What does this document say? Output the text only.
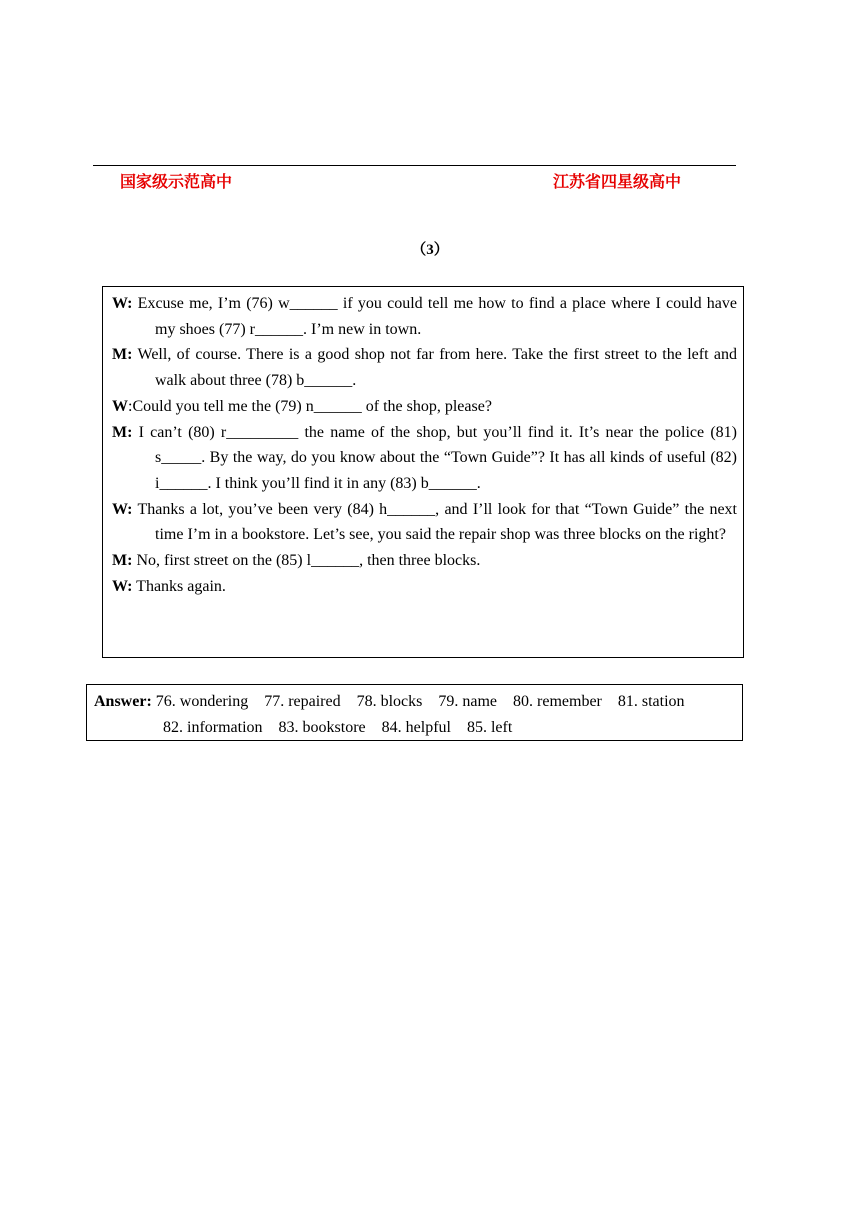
国家级示范高中	江苏省四星级高中
（3）
W: Excuse me, I’m (76) w______ if you could tell me how to find a place where I could have my shoes (77) r______. I’m new in town.
M: Well, of course. There is a good shop not far from here. Take the first street to the left and walk about three (78) b______.
W:Could you tell me the (79) n______ of the shop, please?
M: I can’t (80) r_________ the name of the shop, but you’ll find it. It’s near the police (81) s_____. By the way, do you know about the “Town Guide”? It has all kinds of useful (82) i______. I think you’ll find it in any (83) b______.
W: Thanks a lot, you’ve been very (84) h______, and I’ll look for that “Town Guide” the next time I’m in a bookstore. Let’s see, you said the repair shop was three blocks on the right?
M: No, first street on the (85) l______, then three blocks.
W: Thanks again.
Answer: 76. wondering    77. repaired    78. blocks    79. name    80. remember    81. station
82. information    83. bookstore    84. helpful    85. left
